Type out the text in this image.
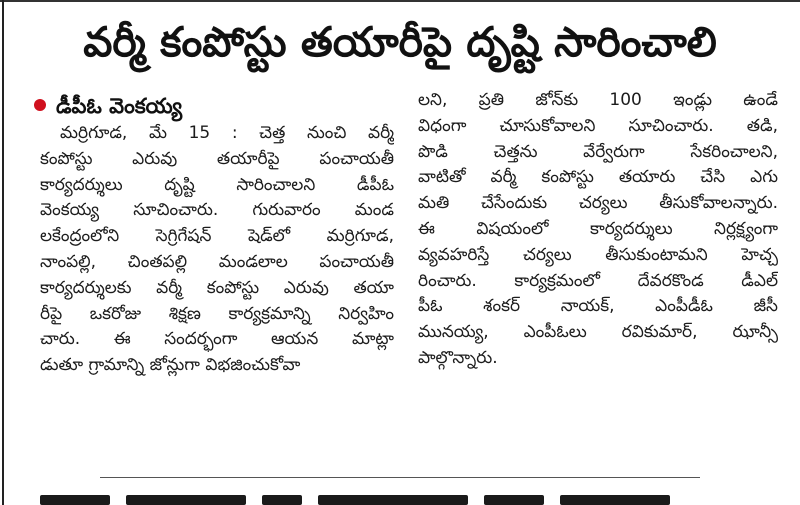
వర్మీ కంపోస్టు తయారీపై దృష్టి సారించాలి
డీపీఓ వెంకయ్య
మర్రిగూడ, మే 15 : చెత్త నుంచి వర్మీ
కంపోస్టు ఎరువు తయారీపై పంచాయతీ
కార్యదర్శులు దృష్టి సారించాలని డీపీఓ
వెంకయ్య సూచించారు. గురువారం మండ
లకేంద్రంలోని సెగ్రిగేషన్ షెడ్‌లో మర్రిగూడ,
నాంపల్లి, చింతపల్లి మండలాల పంచాయతీ
కార్యదర్శులకు వర్మీ కంపోస్టు ఎరువు తయా
రీపై ఒకరోజు శిక్షణ కార్యక్రమాన్ని నిర్వహిం
చారు. ఈ సందర్భంగా ఆయన మాట్లా
డుతూ గ్రామాన్ని జోన్లుగా విభజించుకోవా
లని, ప్రతి జోన్‌కు 100 ఇండ్లు ఉండే
విధంగా చూసుకోవాలని సూచించారు. తడి,
పొడి చెత్తను వేర్వేరుగా సేకరించాలని,
వాటితో వర్మీ కంపోస్టు తయారు చేసి ఎగు
మతి చేసేందుకు చర్యలు తీసుకోవాలన్నారు.
ఈ విషయంలో కార్యదర్శులు నిర్లక్ష్యంగా
వ్యవహరిస్తే చర్యలు తీసుకుంటామని హెచ్చ
రించారు. కార్యక్రమంలో దేవరకొండ డీఎల్
పీఓ శంకర్ నాయక్, ఎంపీడీఓ జీసీ
మునయ్య, ఎంపీఓలు రవికుమార్, ఝాన్సీ
పాల్గొన్నారు.
